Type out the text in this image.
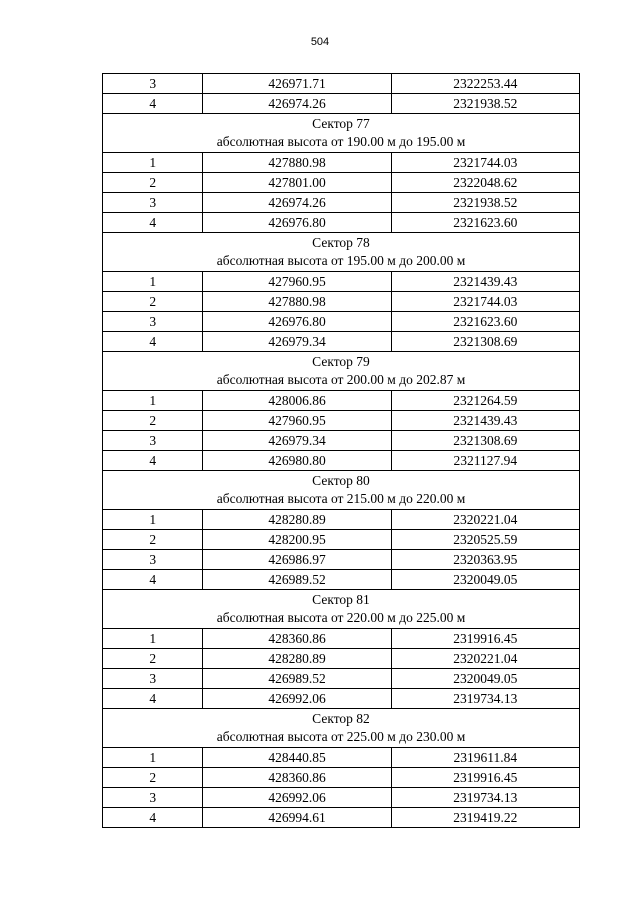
504
3	426971.71	2322253.44
4	426974.26	2321938.52

Сектор 77
абсолютная высота от 190.00 м до 195.00 м		

1	427880.98	2321744.03
2	427801.00	2322048.62
3	426974.26	2321938.52
4	426976.80	2321623.60

Сектор 78
абсолютная высота от 195.00 м до 200.00 м		

1	427960.95	2321439.43
2	427880.98	2321744.03
3	426976.80	2321623.60
4	426979.34	2321308.69

Сектор 79
абсолютная высота от 200.00 м до 202.87 м		

1	428006.86	2321264.59
2	427960.95	2321439.43
3	426979.34	2321308.69
4	426980.80	2321127.94

Сектор 80
абсолютная высота от 215.00 м до 220.00 м		

1	428280.89	2320221.04
2	428200.95	2320525.59
3	426986.97	2320363.95
4	426989.52	2320049.05

Сектор 81
абсолютная высота от 220.00 м до 225.00 м		

1	428360.86	2319916.45
2	428280.89	2320221.04
3	426989.52	2320049.05
4	426992.06	2319734.13

Сектор 82
абсолютная высота от 225.00 м до 230.00 м		

1	428440.85	2319611.84
2	428360.86	2319916.45
3	426992.06	2319734.13
4	426994.61	2319419.22
